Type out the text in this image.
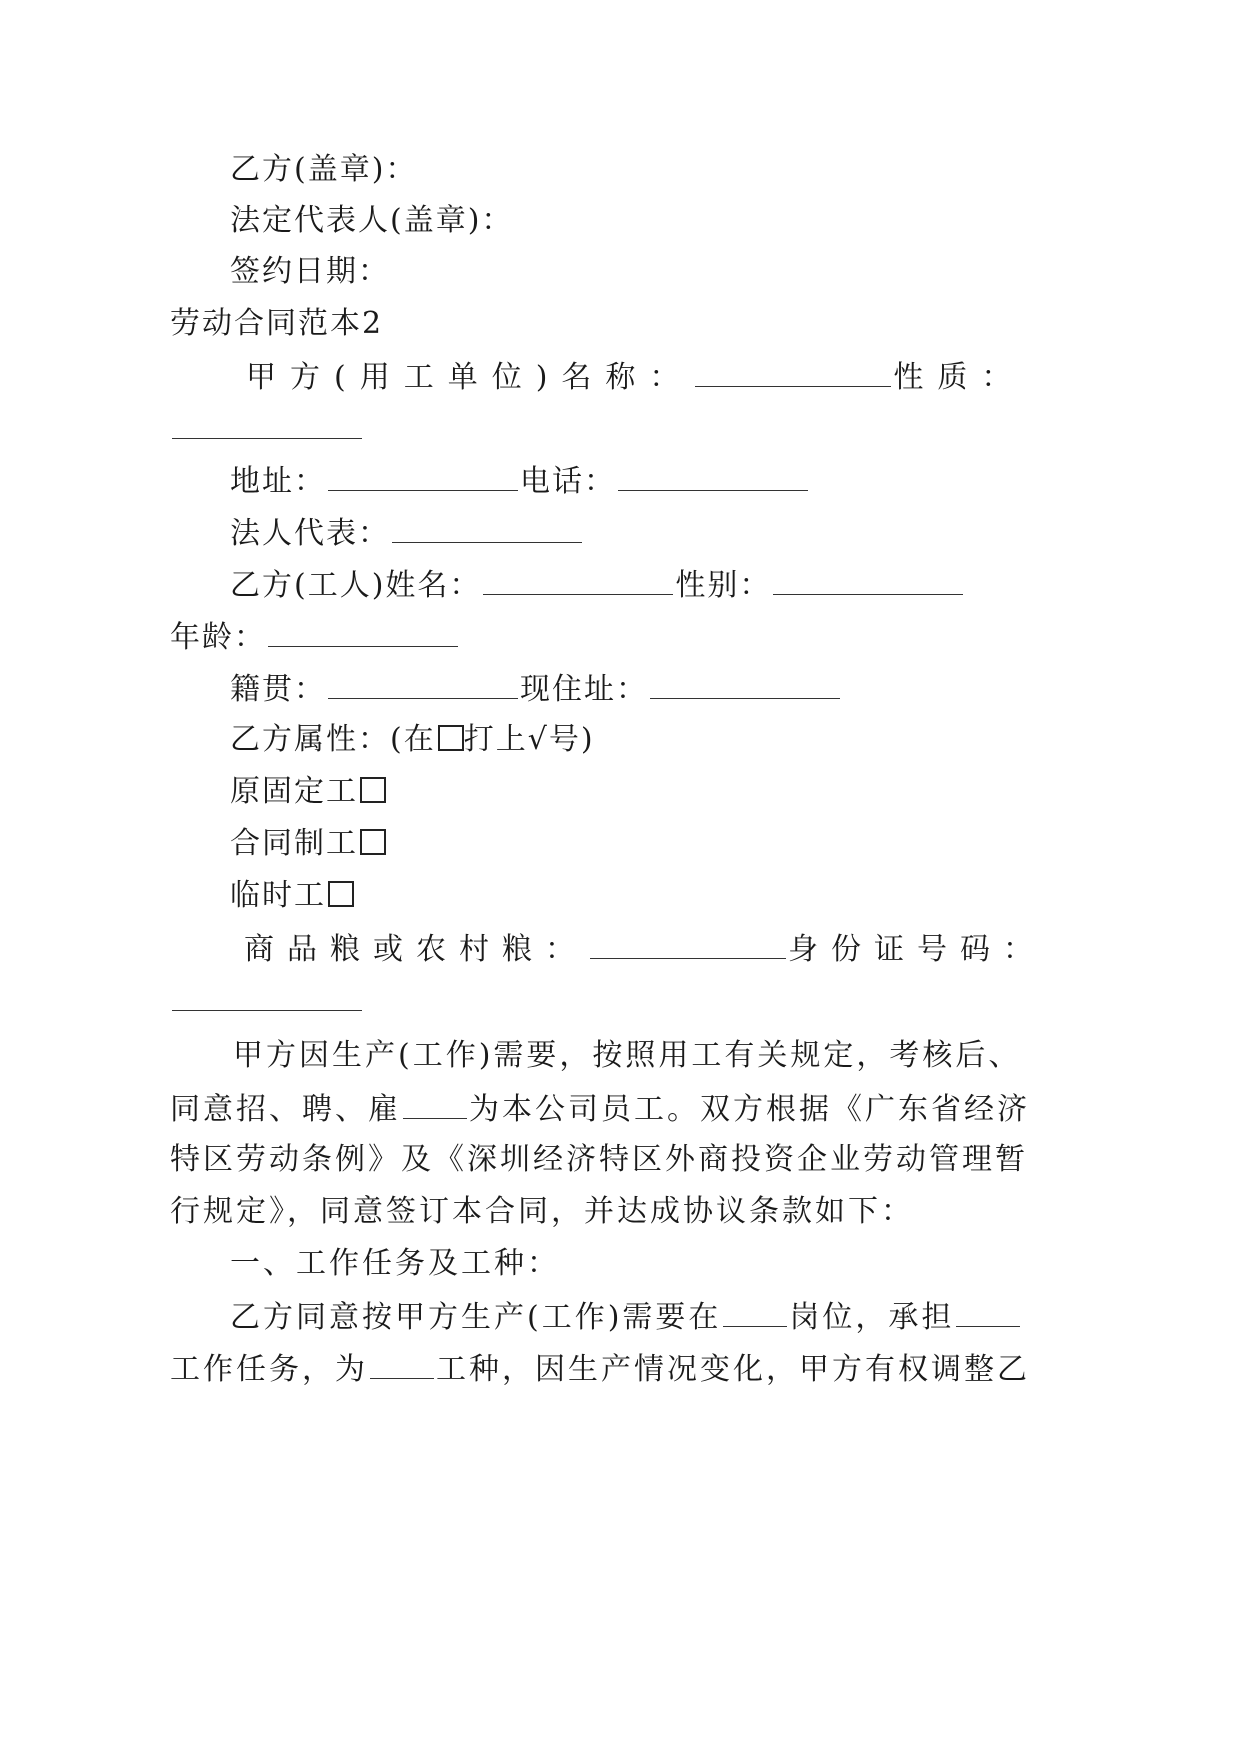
乙方(盖章)：
法定代表人(盖章)：
签约日期：
劳动合同范本2
甲方(用工单位)名称：	性质：
地址：	电话：
法人代表：
乙方(工人)姓名：	性别：
年龄：
籍贯：	现住址：
乙方属性：(在 打上√号)
原固定工
合同制工
临时工
商品粮或农村粮：	身份证号码：
甲方因生产(工作)需要，按照用工有关规定，考核后、
同意招、聘、雇 为本公司员工。双方根据《广东省经济
特区劳动条例》及《深圳经济特区外商投资企业劳动管理暂
行规定》，同意签订本合同，并达成协议条款如下：
一、工作任务及工种：
乙方同意按甲方生产(工作)需要在 岗位，承担
工作任务，为 工种，因生产情况变化，甲方有权调整乙
